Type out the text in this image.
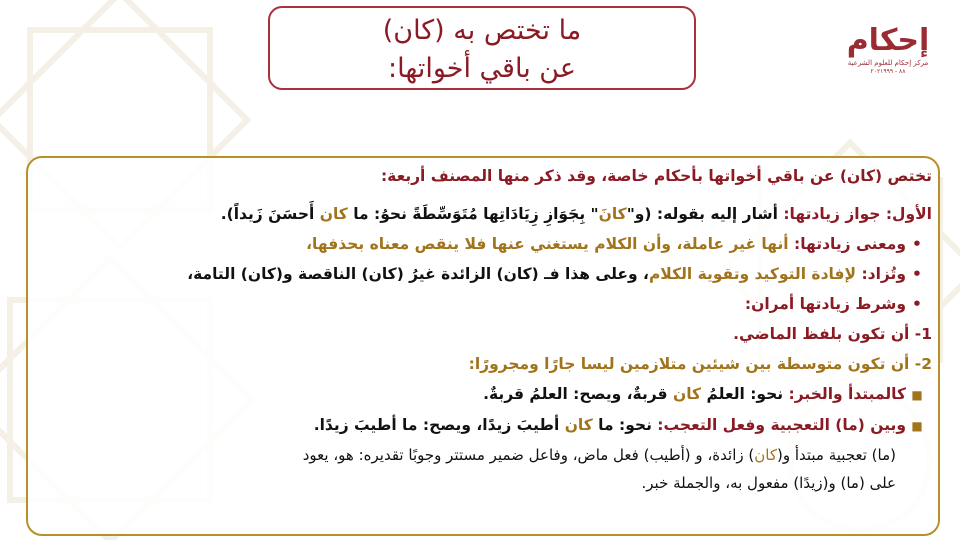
ما تختص به (كان)
عن باقي أخواتها:
إحكام
مركز إحكام للعلوم الشرعية
٨٨ - ٢٠٢١٩٩٩
تختص (كان) عن باقي أخواتها بأحكام خاصة، وقد ذكر منها المصنف أربعة:
الأول: جواز زيادتها: أشار إليه بقوله: (و"كانَ" بِجَوَازِ زِيَادَاتِها مُتَوَسِّطَةً نحوُ: ما كان أَحسَنَ زَيداً).
•ومعنى زيادتها: أنها غير عاملة، وأن الكلام يستغني عنها فلا ينقص معناه بحذفها،
•وتُزاد: لإفادة التوكيد وتقوية الكلام، وعلى هذا فـ (كان) الزائدة غيرُ (كان) الناقصة و(كان) التامة،
•وشرط زيادتها أمران:
1- أن تكون بلفظ الماضي.
2- أن تكون متوسطة بين شيئين متلازمين ليسا جارًا ومجرورًا:
■كالمبتدأ والخبر: نحو: العلمُ كان قربةٌ، ويصح: العلمُ قربةٌ.
■وبين (ما) التعجبية وفعل التعجب: نحو: ما كان أطيبَ زيدًا، ويصح: ما أطيبَ زيدًا.
(ما) تعجبية مبتدأ و(كان) زائدة، و (أطيب) فعل ماض، وفاعل ضمير مستتر وجوبًا تقديره: هو، يعود
على (ما) و(زيدًا) مفعول به، والجملة خبر.
